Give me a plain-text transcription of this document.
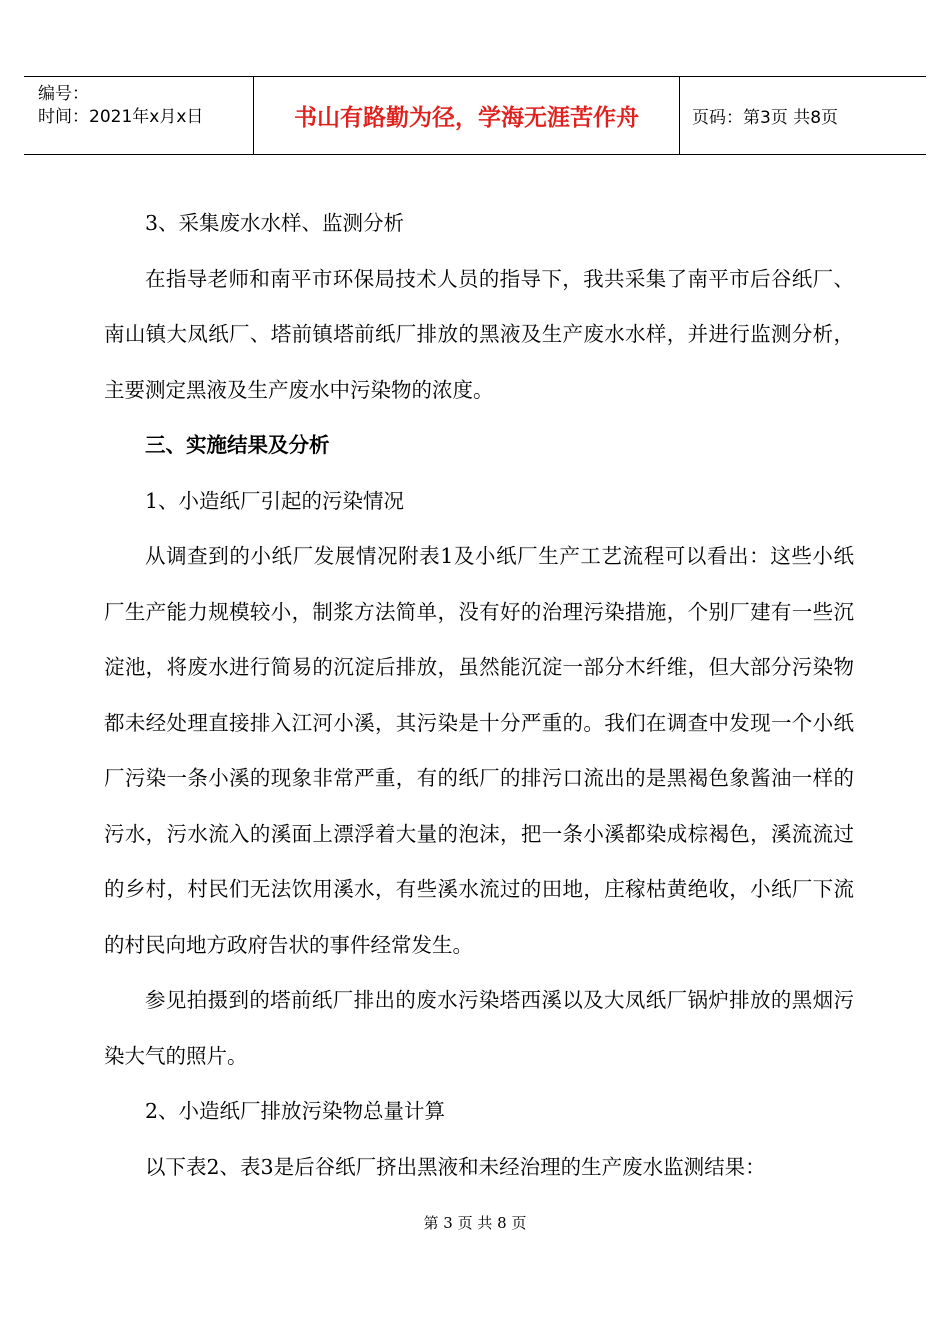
编号：
时间：2021年x月x日	书山有路勤为径，学海无涯苦作舟	页码：第3页 共8页

3、采集废水水样、监测分析

在指导老师和南平市环保局技术人员的指导下，我共采集了南平市后谷纸厂、南山镇大凤纸厂、塔前镇塔前纸厂排放的黑液及生产废水水样，并进行监测分析，主要测定黑液及生产废水中污染物的浓度。

三、实施结果及分析

1、小造纸厂引起的污染情况

从调查到的小纸厂发展情况附表1及小纸厂生产工艺流程可以看出：这些小纸厂生产能力规模较小，制浆方法简单，没有好的治理污染措施，个别厂建有一些沉淀池，将废水进行简易的沉淀后排放，虽然能沉淀一部分木纤维，但大部分污染物都未经处理直接排入江河小溪，其污染是十分严重的。我们在调查中发现一个小纸厂污染一条小溪的现象非常严重，有的纸厂的排污口流出的是黑褐色象酱油一样的污水，污水流入的溪面上漂浮着大量的泡沫，把一条小溪都染成棕褐色，溪流流过的乡村，村民们无法饮用溪水，有些溪水流过的田地，庄稼枯黄绝收，小纸厂下流的村民向地方政府告状的事件经常发生。

参见拍摄到的塔前纸厂排出的废水污染塔西溪以及大凤纸厂锅炉排放的黑烟污染大气的照片。

2、小造纸厂排放污染物总量计算

以下表2、表3是后谷纸厂挤出黑液和未经治理的生产废水监测结果：

第 3 页 共 8 页
